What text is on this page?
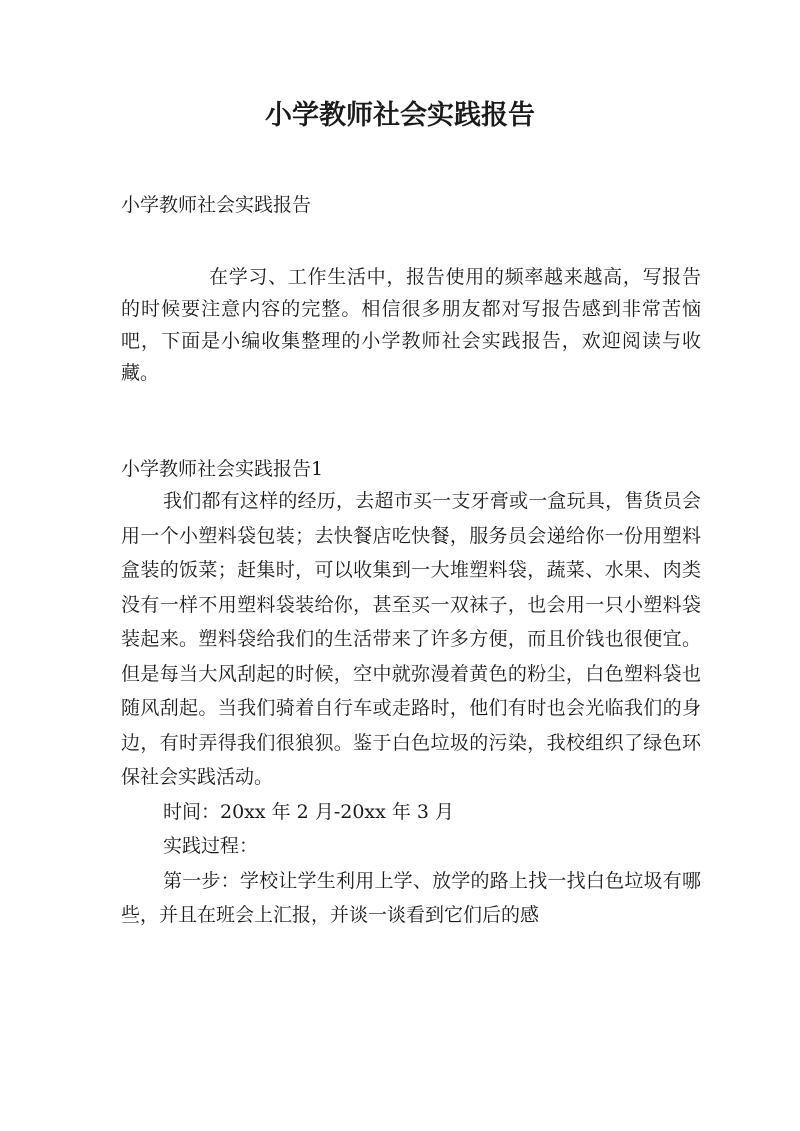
小学教师社会实践报告

小学教师社会实践报告

在学习、工作生活中，报告使用的频率越来越高，写报告的时候要注意内容的完整。相信很多朋友都对写报告感到非常苦恼吧，下面是小编收集整理的小学教师社会实践报告，欢迎阅读与收藏。

小学教师社会实践报告1

我们都有这样的经历，去超市买一支牙膏或一盒玩具，售货员会用一个小塑料袋包装；去快餐店吃快餐，服务员会递给你一份用塑料盒装的饭菜；赶集时，可以收集到一大堆塑料袋，蔬菜、水果、肉类没有一样不用塑料袋装给你，甚至买一双袜子，也会用一只小塑料袋装起来。塑料袋给我们的生活带来了许多方便，而且价钱也很便宜。但是每当大风刮起的时候，空中就弥漫着黄色的粉尘，白色塑料袋也随风刮起。当我们骑着自行车或走路时，他们有时也会光临我们的身边，有时弄得我们很狼狈。鉴于白色垃圾的污染，我校组织了绿色环保社会实践活动。

时间：20xx 年 2 月-20xx 年 3 月

实践过程：

第一步：学校让学生利用上学、放学的路上找一找白色垃圾有哪些，并且在班会上汇报，并谈一谈看到它们后的感
